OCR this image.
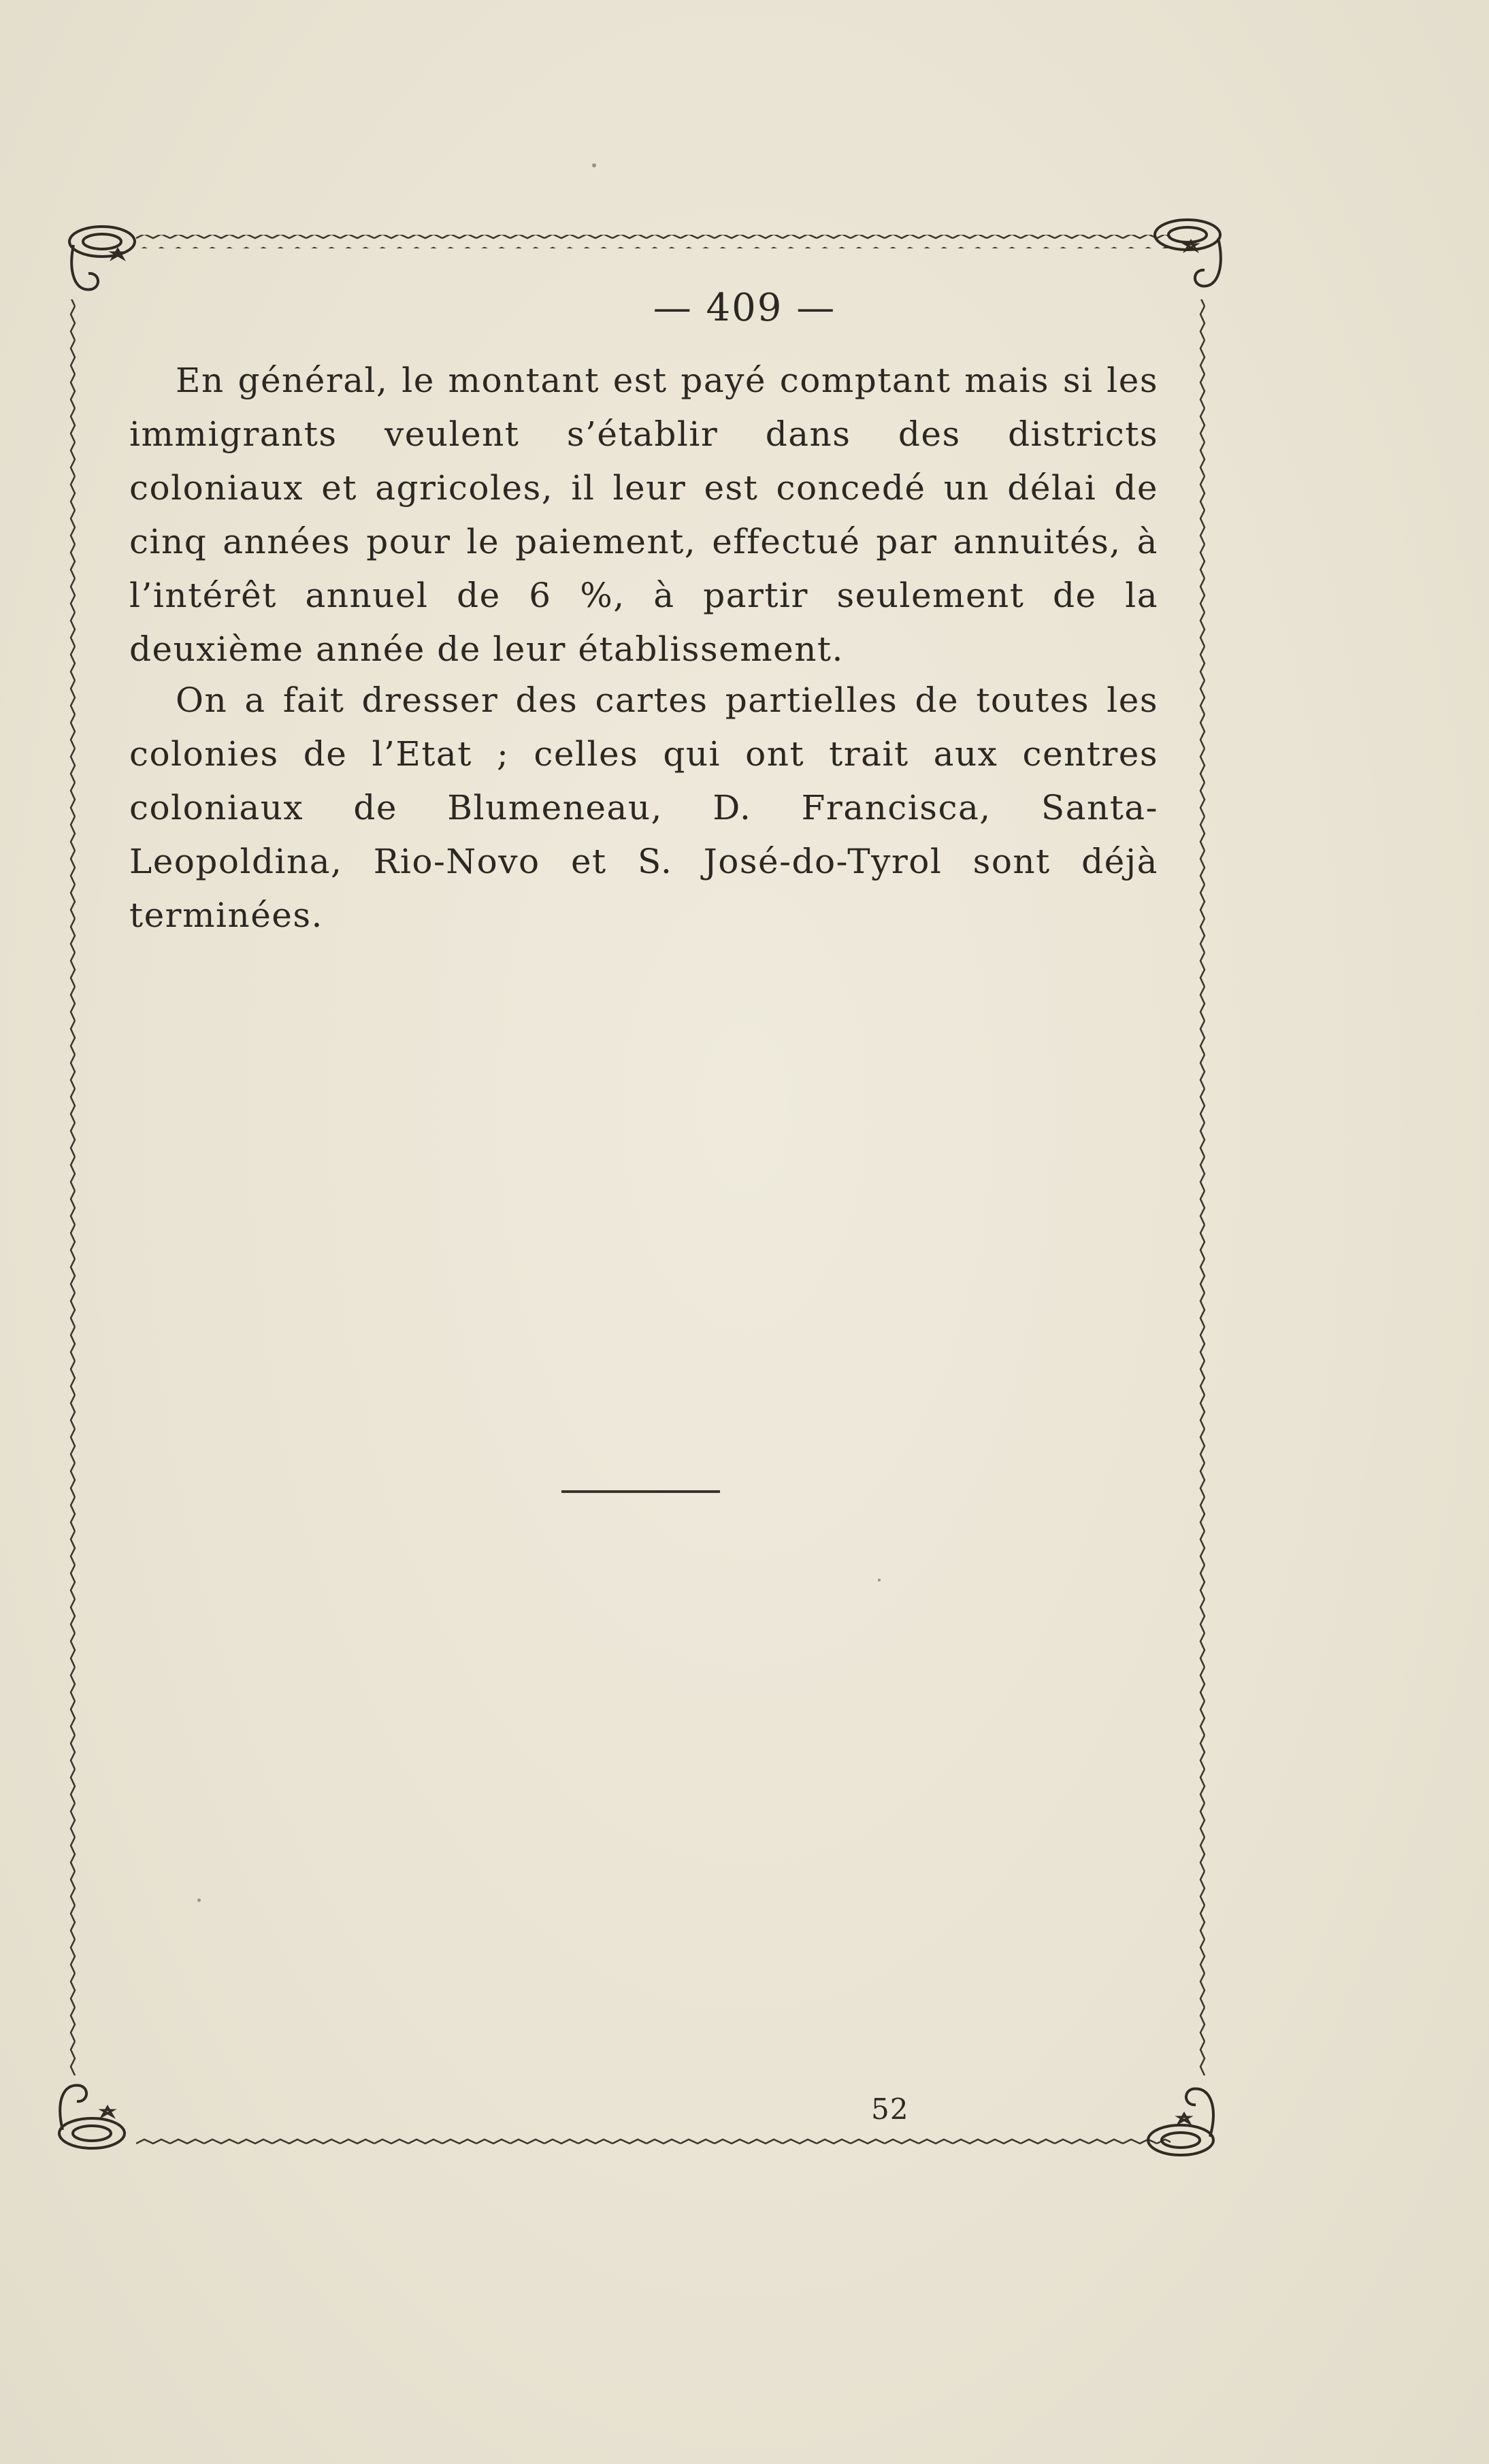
— 409 —

En général, le montant est payé comptant mais si les immigrants veulent s’établir dans des districts coloniaux et agricoles, il leur est concedé un délai de cinq années pour le paiement, effectué par annuités, à l’intérêt annuel de 6 %, à partir seulement de la deuxième année de leur établissement.

On a fait dresser des cartes partielles de toutes les colonies de l’Etat ; celles qui ont trait aux centres coloniaux de Blumeneau, D. Francisca, Santa-Leopoldina, Rio-Novo et S. José-do-Tyrol sont déjà terminées.

52
